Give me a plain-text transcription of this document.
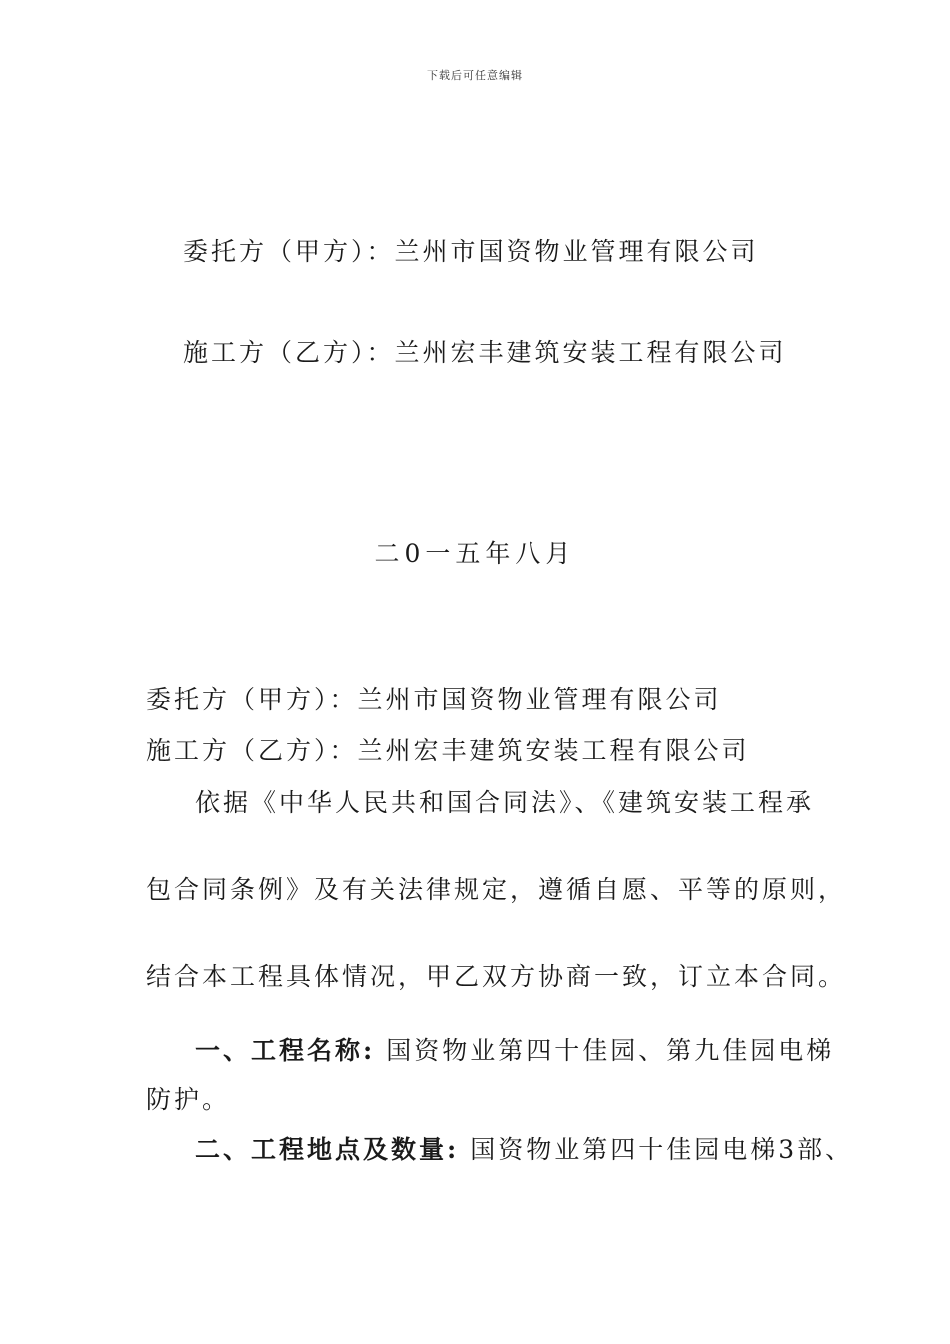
下载后可任意编辑
委托方（甲方）：兰州市国资物业管理有限公司
施工方（乙方）：兰州宏丰建筑安装工程有限公司
二0一五年八月
委托方（甲方）：兰州市国资物业管理有限公司
施工方（乙方）：兰州宏丰建筑安装工程有限公司
依据《中华人民共和国合同法》、《建筑安装工程承
包合同条例》及有关法律规定，遵循自愿、平等的原则，
结合本工程具体情况，甲乙双方协商一致，订立本合同。
一、工程名称: 国资物业第四十佳园、第九佳园电梯
防护。
二、工程地点及数量: 国资物业第四十佳园电梯3部、
